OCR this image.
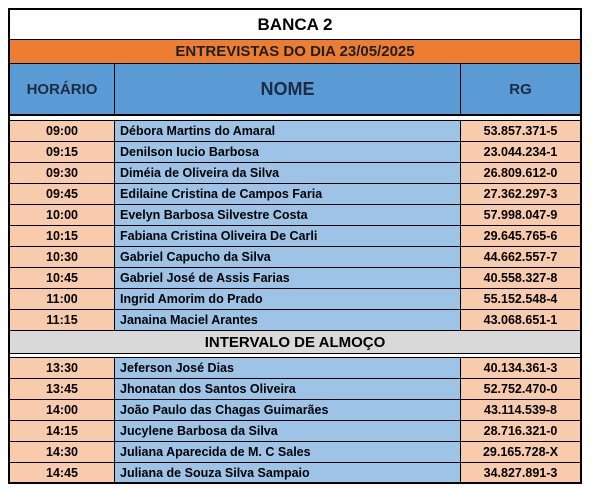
BANCA 2
ENTREVISTAS DO DIA 23/05/2025
HORÁRIO	NOME	RG
09:00	Débora Martins do Amaral	53.857.371-5
09:15	Denilson Iucio Barbosa	23.044.234-1
09:30	Diméia de Oliveira da Silva	26.809.612-0
09:45	Edilaine Cristina de Campos Faria	27.362.297-3
10:00	Evelyn Barbosa Silvestre Costa	57.998.047-9
10:15	Fabiana Cristina Oliveira De Carli	29.645.765-6
10:30	Gabriel Capucho da Silva	44.662.557-7
10:45	Gabriel José de Assis Farias	40.558.327-8
11:00	Ingrid Amorim do Prado	55.152.548-4
11:15	Janaina Maciel Arantes	43.068.651-1
INTERVALO DE ALMOÇO
13:30	Jeferson José Dias	40.134.361-3
13:45	Jhonatan dos Santos Oliveira	52.752.470-0
14:00	João Paulo das Chagas Guimarães	43.114.539-8
14:15	Jucylene Barbosa da Silva	28.716.321-0
14:30	Juliana Aparecida de M. C Sales	29.165.728-X
14:45	Juliana de Souza Silva Sampaio	34.827.891-3
